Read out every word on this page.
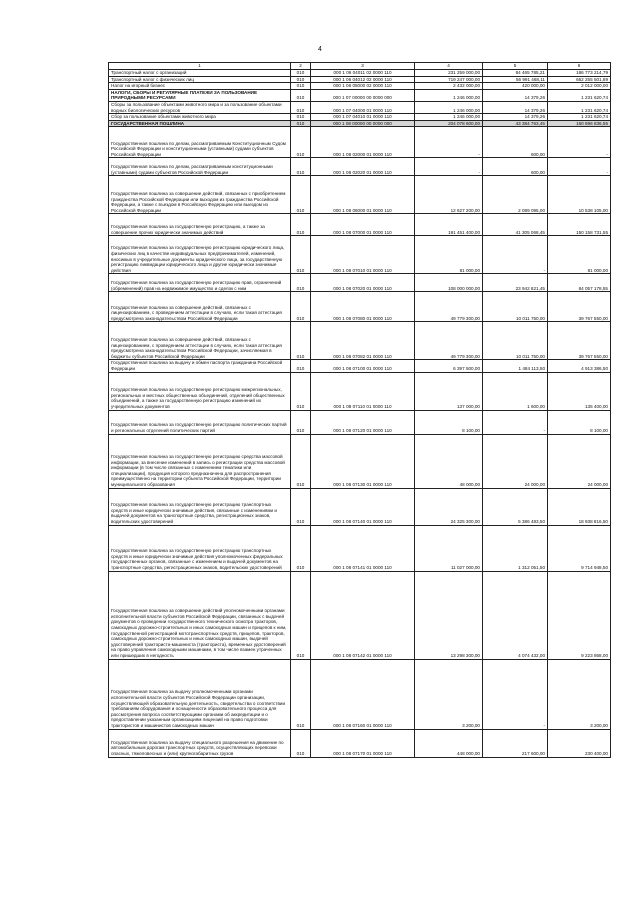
4
1	2	3	4	5	6
Транспортный налог с организаций	010	000 1 06 04011 02 0000 110	231 259 000,00	84 465 785,21	186 773 214,79
Транспортный налог с физических лиц	010	000 1 06 04012 02 0000 110	719 247 000,00	56 991 468,11	662 255 501,89
Налог на игорный бизнес	010	000 1 06 05000 02 0000 110	2 432 000,00	420 000,00	2 012 000,00
НАЛОГИ, СБОРЫ И РЕГУЛЯРНЫЕ ПЛАТЕЖИ ЗА ПОЛЬЗОВАНИЕ ПРИРОДНЫМИ РЕСУРСАМИ	010	000 1 07 00000 00 0000 000	1 246 000,00	14 379,26	1 231 620,74
Сборы за пользование объектами животного мира и за пользование объектами водных биологических ресурсов	010	000 1 07 04000 01 0000 110	1 246 000,00	14 379,26	1 231 620,74
Сбор за пользование объектами животного мира	010	000 1 07 04010 01 0000 110	1 246 000,00	14 379,26	1 231 620,74
ГОСУДАРСТВЕННАЯ ПОШЛИНА	010	000 1 08 00000 00 0000 000	204 078 600,00	43 384 763,45	160 696 836,55
Государственная пошлина по делам, рассматриваемым Конституционным Судом Российской Федерации и конституционными (уставными) судами субъектов Российской Федерации	010	000 1 08 02000 01 0000 110	-	600,00	-
Государственная пошлина по делам, рассматриваемым конституционными (уставными) судами субъектов Российской Федерации	010	000 1 08 02020 01 0000 110	-	600,00	-
Государственная пошлина за совершение действий, связанных с приобретением гражданства Российской Федерации или выходом из гражданства Российской Федерации, а также с въездом в Российскую Федерацию или выездом из Российской Федерации	010	000 1 08 06000 01 0000 110	12 627 200,00	2 089 095,00	10 538 105,00
Государственная пошлина за государственную регистрацию, а также за совершение прочих юридически значимых действий	010	000 1 08 07000 01 0000 110	191 451 400,00	41 305 068,45	150 158 731,55
Государственная пошлина за государственную регистрацию юридического лица, физических лиц в качестве индивидуальных предпринимателей, изменений, вносимых в учредительные документы юридического лица, за государственную регистрацию ликвидации юридического лица и другие юридически значимые действия	010	000 1 08 07010 01 0000 110	81 000,00	-	81 000,00
Государственная пошлина за государственную регистрацию прав, ограничений (обременений) прав на недвижимое имущество и сделок с ним	010	000 1 08 07020 01 0000 110	108 000 000,00	23 942 821,45	84 057 178,55
Государственная пошлина за совершение действий, связанных с лицензированием, с проведением аттестации в случаях, если такая аттестация предусмотрена законодательством Российской Федерации	010	000 1 08 07080 01 0000 110	49 779 300,00	10 011 750,00	39 767 550,00
Государственная пошлина за совершение действий, связанных с лицензированием, с проведением аттестации в случаях, если такая аттестация предусмотрена законодательством Российской Федерации, зачисляемая в бюджеты субъектов Российской Федерации	010	000 1 08 07082 01 0000 110	49 779 300,00	10 011 750,00	39 767 550,00
Государственная пошлина за выдачу и обмен паспорта гражданина Российской Федерации	010	000 1 08 07100 01 0000 110	6 397 500,00	1 484 113,50	4 913 386,50
Государственная пошлина за государственную регистрацию межрегиональных, региональных и местных общественных объединений, отделений общественных объединений, а также за государственную регистрацию изменений их учредительных документов	010	000 1 08 07110 01 0000 110	137 000,00	1 600,00	135 400,00
Государственная пошлина за государственную регистрацию политических партий и региональных отделений политических партий	010	000 1 08 07120 01 0000 110	8 100,00	-	8 100,00
Государственная пошлина за государственную регистрацию средства массовой информации, за внесение изменений в запись о регистрации средства массовой информации (в том числе связанных с изменением тематики или специализации), продукция которого предназначена для распространения преимущественно на территории субъекта Российской Федерации, территории муниципального образования	010	000 1 08 07130 01 0000 110	48 000,00	24 000,00	24 000,00
Государственная пошлина за государственную регистрацию транспортных средств и иные юридически значимые действия, связанные с изменениями и выдачей документов на транспортные средства, регистрационных знаков, водительских удостоверений	010	000 1 08 07140 01 0000 110	24 325 300,00	5 386 483,50	18 938 816,50
Государственная пошлина за государственную регистрацию транспортных средств и иные юридически значимые действия уполномоченных федеральных государственных органов, связанные с изменением и выдачей документов на транспортные средства, регистрационных знаков, водительских удостоверений	010	000 1 08 07141 01 0000 110	11 027 000,00	1 312 051,50	9 714 948,50
Государственная пошлина за совершение действий уполномоченными органами исполнительной власти субъектов Российской Федерации, связанных с выдачей документов о проведении государственного технического осмотра тракторов, самоходных дорожно-строительных и иных самоходных машин и прицепов к ним, государственной регистрацией мототранспортных средств, прицепов, тракторов, самоходных дорожно-строительных и иных самоходных машин, выдачей удостоверений тракториста-машиниста (тракториста), временных удостоверений на право управления самоходными машинами, в том числе взамен утраченных или пришедших в негодность	010	000 1 08 07142 01 0000 110	13 298 300,00	4 074 432,00	9 223 868,00
Государственная пошлина за выдачу уполномоченными органами исполнительной власти субъектов Российской Федерации организации, осуществляющей образовательную деятельность, свидетельства о соответствии требованиям оборудования и оснащенности образовательного процесса для рассмотрения вопроса соответствующими органами об аккредитации и о предоставлении указанным организациям лицензий на право подготовки трактористов и машинистов самоходных машин	010	000 1 08 07160 01 0000 110	3 200,00	-	3 200,00
Государственная пошлина за выдачу специального разрешения на движение по автомобильным дорогам транспортных средств, осуществляющих перевозки опасных, тяжеловесных и (или) крупногабаритных грузов	010	000 1 08 07170 01 0000 110	448 000,00	217 600,00	230 400,00
